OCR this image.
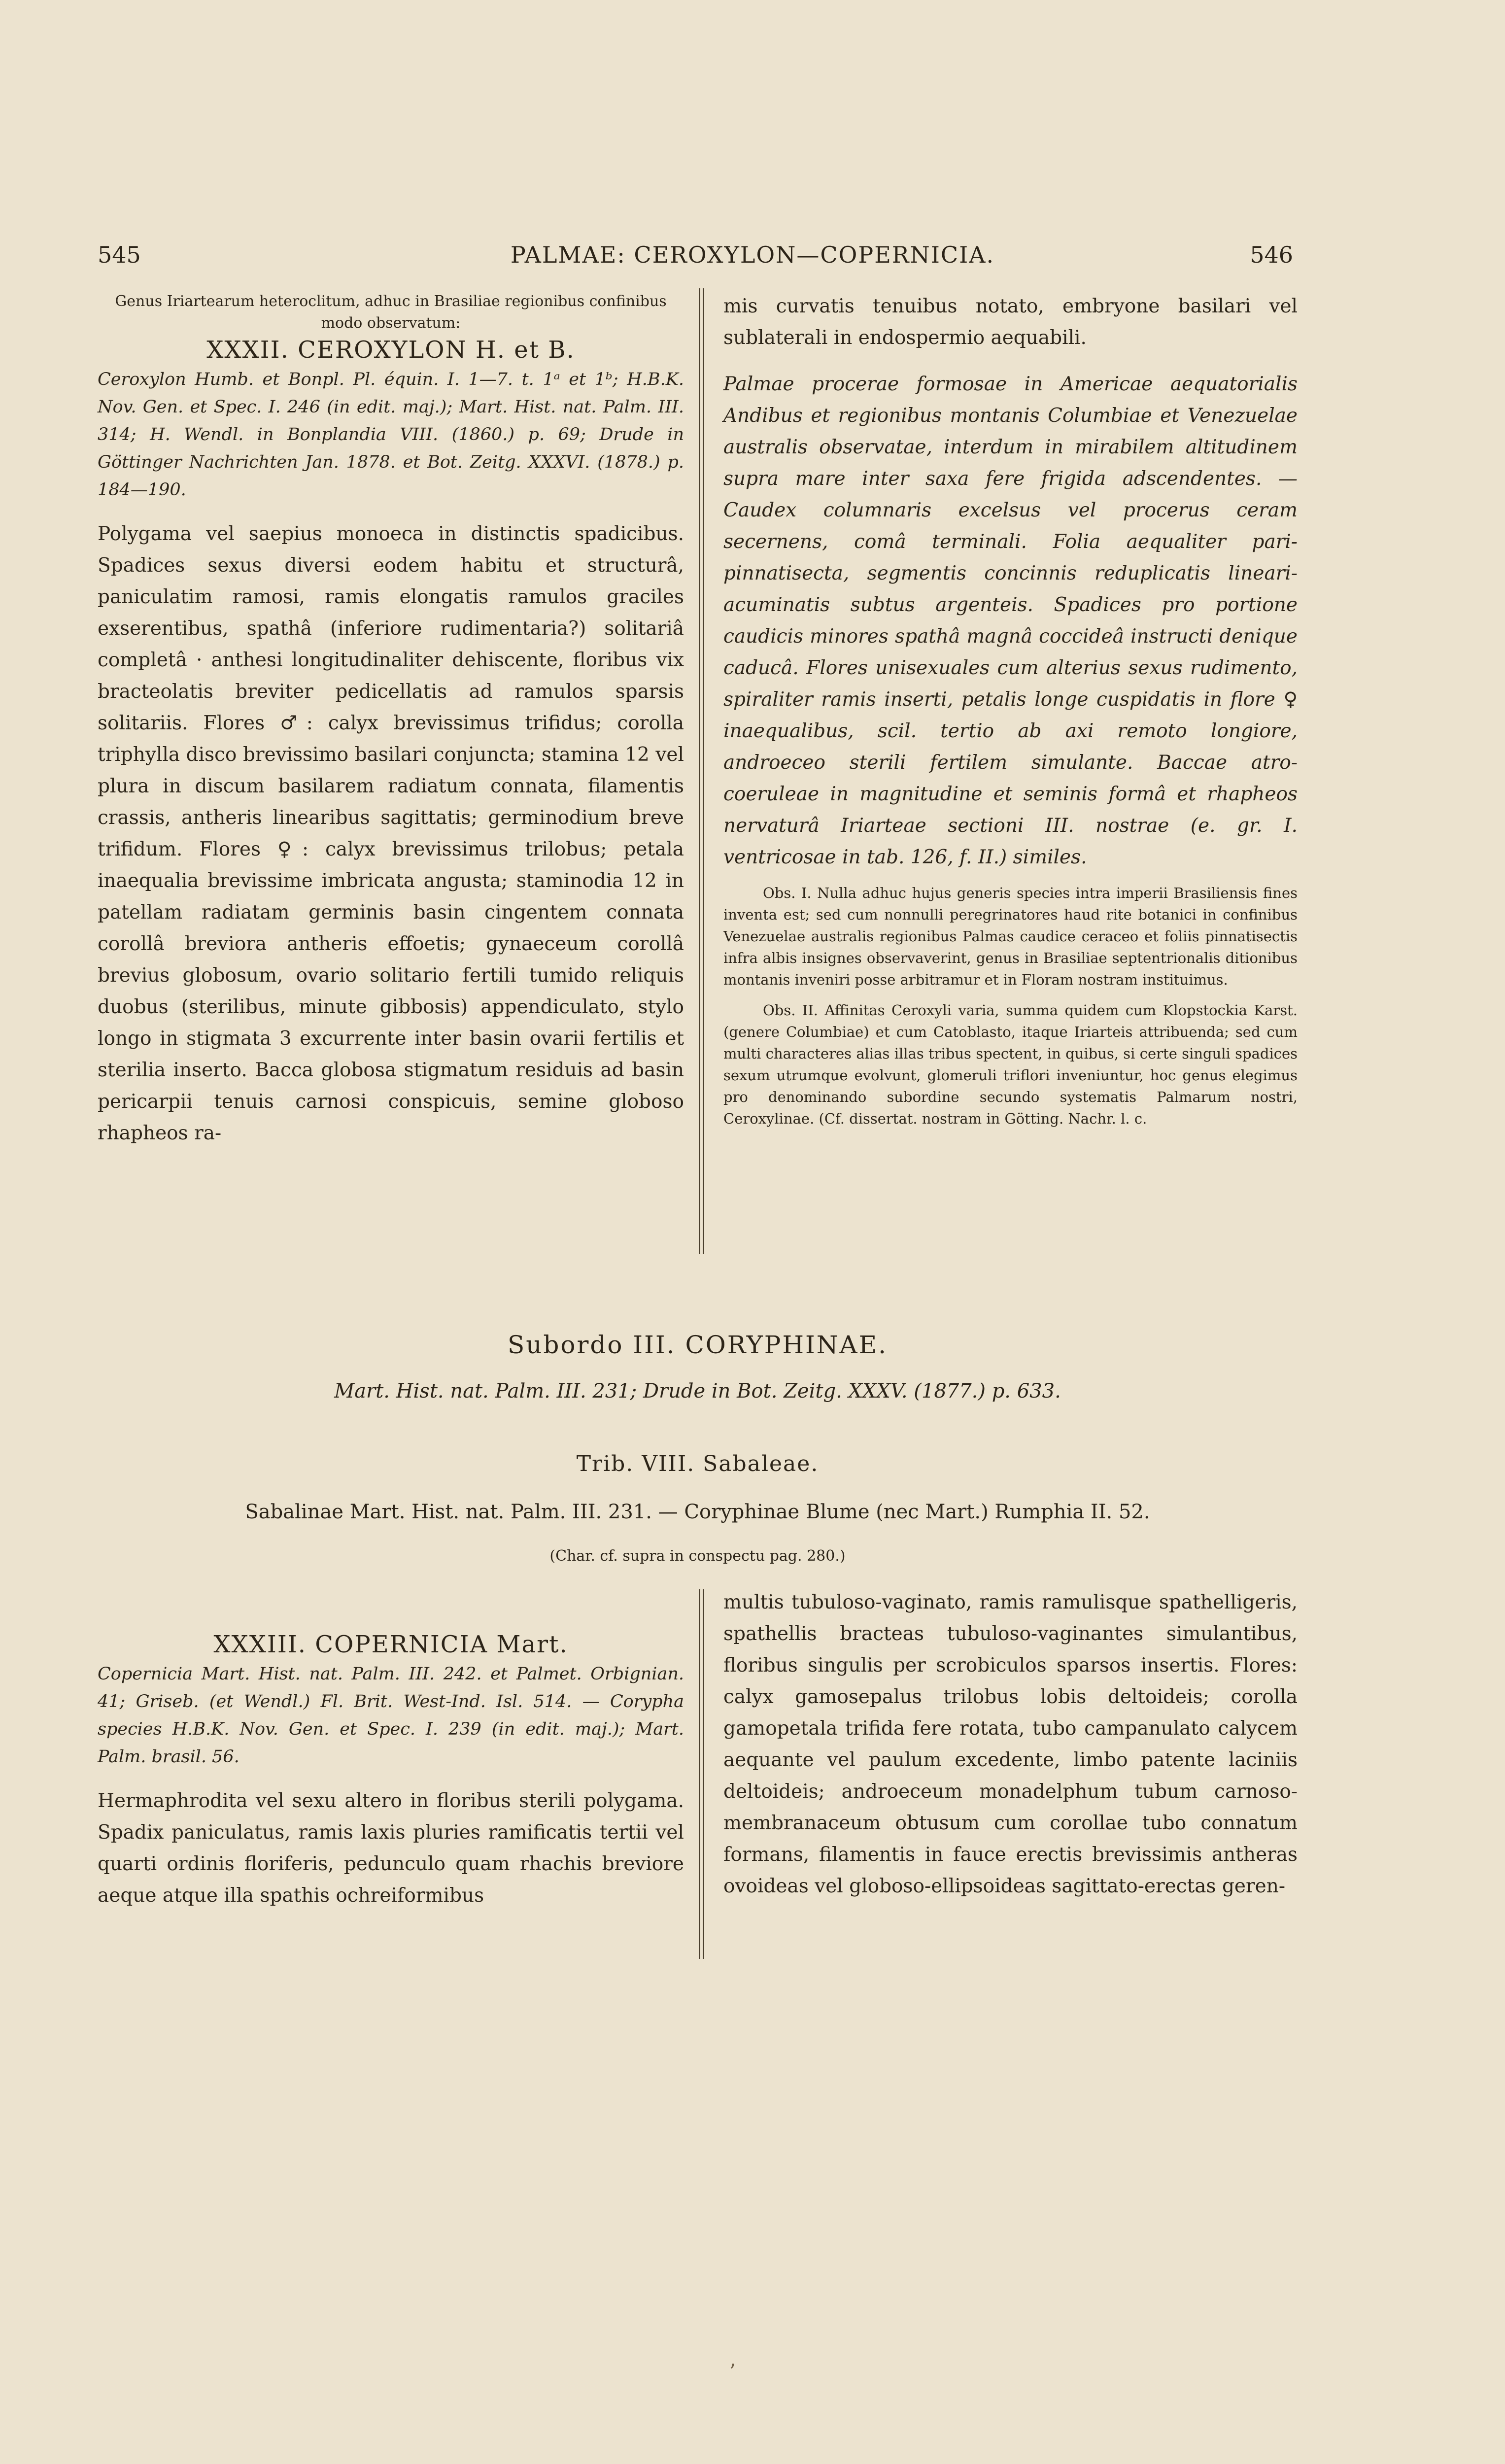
545	PALMAE: CEROXYLON—COPERNICIA.	546

Genus Iriartearum heteroclitum, adhuc in Brasiliae regionibus confinibus modo observatum:

XXXII. CEROXYLON H. et B.

Ceroxylon Humb. et Bonpl. Pl. équin. I. 1—7. t. 1ᵃ et 1ᵇ; H.B.K. Nov. Gen. et Spec. I. 246 (in edit. maj.); Mart. Hist. nat. Palm. III. 314; H. Wendl. in Bonplandia VIII. (1860.) p. 69; Drude in Göttinger Nachrichten Jan. 1878. et Bot. Zeitg. XXXVI. (1878.) p. 184—190.

Polygama vel saepius monoeca in distinctis spadicibus. Spadices sexus diversi eodem habitu et structurâ, paniculatim ramosi, ramis elongatis ramulos graciles exserentibus, spathâ (inferiore rudimentaria?) solitariâ completâ · anthesi longitudinaliter dehiscente, floribus vix bracteolatis breviter pedicellatis ad ramulos sparsis solitariis. Flores ♂: calyx brevissimus trifidus; corolla triphylla disco brevissimo basilari conjuncta; stamina 12 vel plura in discum basilarem radiatum connata, filamentis crassis, antheris linearibus sagittatis; germinodium breve trifidum. Flores ♀: calyx brevissimus trilobus; petala inaequalia brevissime imbricata angusta; staminodia 12 in patellam radiatam germinis basin cingentem connata corollâ breviora antheris effoetis; gynaeceum corollâ brevius globosum, ovario solitario fertili tumido reliquis duobus (sterilibus, minute gibbosis) appendiculato, stylo longo in stigmata 3 excurrente inter basin ovarii fertilis et sterilia inserto. Bacca globosa stigmatum residuis ad basin pericarpii tenuis carnosi conspicuis, semine globoso rhapheos ra-

mis curvatis tenuibus notato, embryone basilari vel sublaterali in endospermio aequabili.

Palmae procerae formosae in Americae aequatorialis Andibus et regionibus montanis Columbiae et Venezuelae australis observatae, interdum in mirabilem altitudinem supra mare inter saxa fere frigida adscendentes. — Caudex columnaris excelsus vel procerus ceram secernens, comâ terminali. Folia aequaliter pari-pinnatisecta, segmentis concinnis reduplicatis lineari-acuminatis subtus argenteis. Spadices pro portione caudicis minores spathâ magnâ coccideâ instructi denique caducâ. Flores unisexuales cum alterius sexus rudimento, spiraliter ramis inserti, petalis longe cuspidatis in flore ♀ inaequalibus, scil. tertio ab axi remoto longiore, androeceo sterili fertilem simulante. Baccae atro-coeruleae in magnitudine et seminis formâ et rhapheos nervaturâ Iriarteae sectioni III. nostrae (e. gr. I. ventricosae in tab. 126, f. II.) similes.

Obs. I. Nulla adhuc hujus generis species intra imperii Brasiliensis fines inventa est; sed cum nonnulli peregrinatores haud rite botanici in confinibus Venezuelae australis regionibus Palmas caudice ceraceo et foliis pinnatisectis infra albis insignes observaverint, genus in Brasiliae septentrionalis ditionibus montanis inveniri posse arbitramur et in Floram nostram instituimus.

Obs. II. Affinitas Ceroxyli varia, summa quidem cum Klopstockia Karst. (genere Columbiae) et cum Catoblasto, itaque Iriarteis attribuenda; sed cum multi characteres alias illas tribus spectent, in quibus, si certe singuli spadices sexum utrumque evolvunt, glomeruli triflori inveniuntur, hoc genus elegimus pro denominando subordine secundo systematis Palmarum nostri, Ceroxylinae. (Cf. dissertat. nostram in Götting. Nachr. l. c.

Subordo III. CORYPHINAE.
Mart. Hist. nat. Palm. III. 231; Drude in Bot. Zeitg. XXXV. (1877.) p. 633.
Trib. VIII. Sabaleae.
Sabalinae Mart. Hist. nat. Palm. III. 231. — Coryphinae Blume (nec Mart.) Rumphia II. 52.
(Char. cf. supra in conspectu pag. 280.)

XXXIII. COPERNICIA Mart.

Copernicia Mart. Hist. nat. Palm. III. 242. et Palmet. Orbignian. 41; Griseb. (et Wendl.) Fl. Brit. West-Ind. Isl. 514. — Corypha species H.B.K. Nov. Gen. et Spec. I. 239 (in edit. maj.); Mart. Palm. brasil. 56.

Hermaphrodita vel sexu altero in floribus sterili polygama. Spadix paniculatus, ramis laxis pluries ramificatis tertii vel quarti ordinis floriferis, pedunculo quam rhachis breviore aeque atque illa spathis ochreiformibus

multis tubuloso-vaginato, ramis ramulisque spathelligeris, spathellis bracteas tubuloso-vaginantes simulantibus, floribus singulis per scrobiculos sparsos insertis. Flores: calyx gamosepalus trilobus lobis deltoideis; corolla gamopetala trifida fere rotata, tubo campanulato calycem aequante vel paulum excedente, limbo patente laciniis deltoideis; androeceum monadelphum tubum carnoso-membranaceum obtusum cum corollae tubo connatum formans, filamentis in fauce erectis brevissimis antheras ovoideas vel globoso-ellipsoideas sagittato-erectas geren-

’
